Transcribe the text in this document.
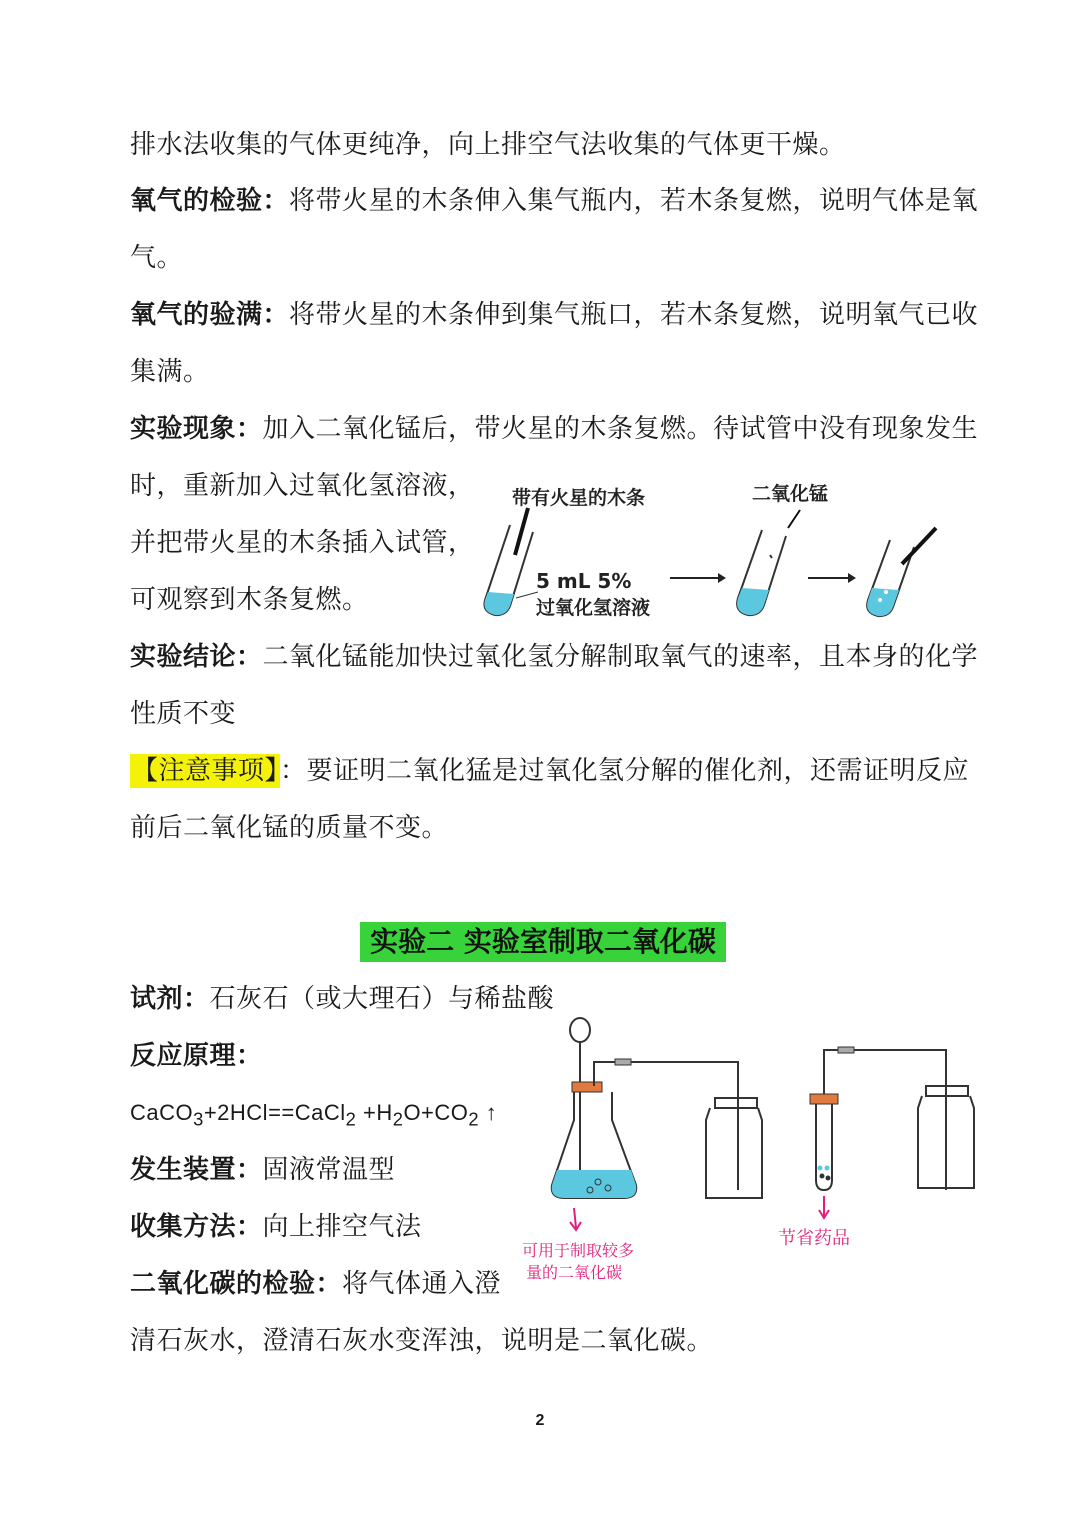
排水法收集的气体更纯净，向上排空气法收集的气体更干燥。
氧气的检验：将带火星的木条伸入集气瓶内，若木条复燃，说明气体是氧
气。
氧气的验满：将带火星的木条伸到集气瓶口，若木条复燃，说明氧气已收
集满。
实验现象：加入二氧化锰后，带火星的木条复燃。待试管中没有现象发生
时，重新加入过氧化氢溶液，
并把带火星的木条插入试管，
可观察到木条复燃。
带有火星的木条
5 mL 5%
过氧化氢溶液
二氧化锰
实验结论：二氧化锰能加快过氧化氢分解制取氧气的速率，且本身的化学
性质不变
【注意事项】：要证明二氧化猛是过氧化氢分解的催化剂，还需证明反应
前后二氧化锰的质量不变。
实验二 实验室制取二氧化碳
试剂：石灰石（或大理石）与稀盐酸
反应原理：
CaCO$_3$+2HCl==CaCl$_2$ $+H_2O+CO_2$ ↑
发生装置：固液常温型
收集方法：向上排空气法
二氧化碳的检验：将气体通入澄
清石灰水，澄清石灰水变浑浊，说明是二氧化碳。
可用于制取较多
量的二氧化碳
节省药品
2
